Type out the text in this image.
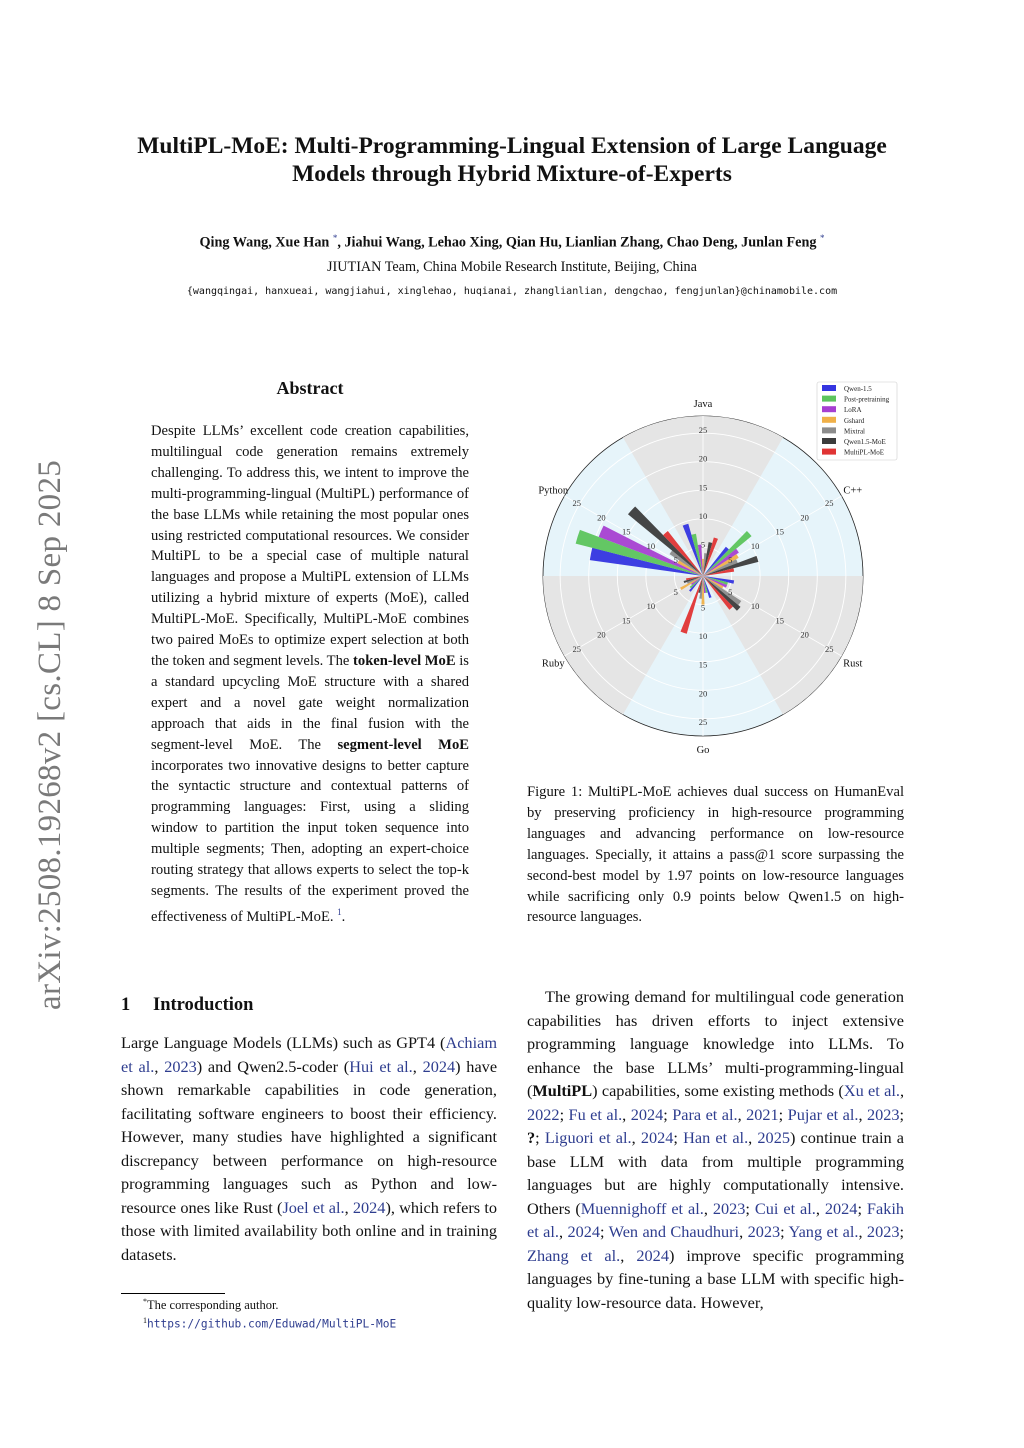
arXiv:2508.19268v2 [cs.CL] 8 Sep 2025
MultiPL-MoE: Multi-Programming-Lingual Extension of Large Language
Models through Hybrid Mixture-of-Experts
Qing Wang, Xue Han *, Jiahui Wang, Lehao Xing, Qian Hu, Lianlian Zhang, Chao Deng, Junlan Feng *
JIUTIAN Team, China Mobile Research Institute, Beijing, China
{wangqingai, hanxueai, wangjiahui, xinglehao, huqianai, zhanglianlian, dengchao, fengjunlan}@chinamobile.com
Abstract
Despite LLMs’ excellent code creation capabilities, multilingual code generation remains extremely challenging. To address this, we intent to improve the multi-programming-lingual (MultiPL) performance of the base LLMs while retaining the most popular ones using restricted computational resources. We consider MultiPL to be a special case of multiple natural languages and propose a MultiPL extension of LLMs utilizing a hybrid mixture of experts (MoE), called MultiPL-MoE. Specifically, MultiPL-MoE combines two paired MoEs to optimize expert selection at both the token and segment levels. The token-level MoE is a standard upcycling MoE structure with a shared expert and a novel gate weight normalization approach that aids in the final fusion with the segment-level MoE. The segment-level MoE incorporates two innovative designs to better capture the syntactic structure and contextual patterns of programming languages: First, using a sliding window to partition the input token sequence into multiple segments; Then, adopting an expert-choice routing strategy that allows experts to select the top-k segments. The results of the experiment proved the effectiveness of MultiPL-MoE. $^1$.
1 Introduction
Large Language Models (LLMs) such as GPT4 (Achiam et al., 2023) and Qwen2.5-coder (Hui et al., 2024) have shown remarkable capabilities in code generation, facilitating software engineers to boost their efficiency. However, many studies have highlighted a significant discrepancy between performance on high-resource programming languages such as Python and low-resource ones like Rust (Joel et al., 2024), which refers to those with limited availability both online and in training datasets.
*The corresponding author.
$^1$https://github.com/Eduwad/MultiPL-MoE
5
10
15
20
25
5
10
15
20
25
5
10
15
20
25
5
10
15
20
25
5
10
15
20
25
5
10
15
20
25
Java
C++
Rust
Go
Ruby
Python
Qwen-1.5
Post-pretraining
LoRA
Gshard
Mixtral
Qwen1.5-MoE
MultiPL-MoE
Figure 1: MultiPL-MoE achieves dual success on HumanEval by preserving proficiency in high-resource programming languages and advancing performance on low-resource languages. Specially, it attains a pass@1 score surpassing the second-best model by 1.97 points on low-resource languages while sacrificing only 0.9 points below Qwen1.5 on high-resource languages.
The growing demand for multilingual code generation capabilities has driven efforts to inject extensive programming language knowledge into LLMs. To enhance the base LLMs’ multi-programming-lingual (MultiPL) capabilities, some existing methods (Xu et al., 2022; Fu et al., 2024; Para et al., 2021; Pujar et al., 2023; ?; Liguori et al., 2024; Han et al., 2025) continue train a base LLM with data from multiple programming languages but are highly computationally intensive. Others (Muennighoff et al., 2023; Cui et al., 2024; Fakih et al., 2024; Wen and Chaudhuri, 2023; Yang et al., 2023; Zhang et al., 2024) improve specific programming languages by fine-tuning a base LLM with specific high-quality low-resource data. However,
